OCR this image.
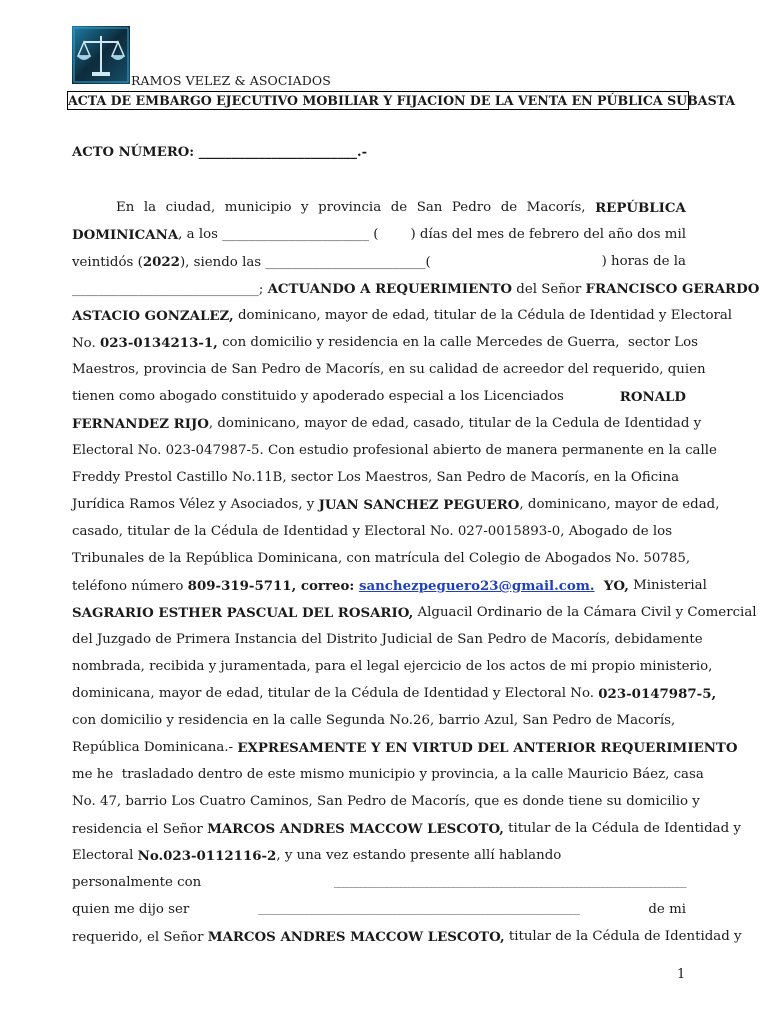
RAMOS VELEZ & ASOCIADOS
ACTA DE EMBARGO EJECUTIVO MOBILIAR Y FIJACION DE LA VENTA EN PÚBLICA SUBASTA
ACTO NÚMERO: ________________________.-
En la ciudad, municipio y provincia de San Pedro de Macorís, REPÚBLICA
DOMINICANA , a los ______________________ ( ) días del mes de febrero del año dos mil
veintidós (2022), siendo las ________________________(	) horas de la
____________________________; ACTUANDO A REQUERIMIENTO del Señor FRANCISCO GERARDO
ASTACIO GONZALEZ, dominicano, mayor de edad, titular de la Cédula de Identidad y Electoral
No. 023-0134213-1, con domicilio y residencia en la calle Mercedes de Guerra,  sector Los
Maestros, provincia de San Pedro de Macorís, en su calidad de acreedor del requerido, quien
tienen como abogado constituido y apoderado especial a los Licenciados	RONALD
FERNANDEZ RIJO , dominicano, mayor de edad, casado, titular de la Cedula de Identidad y
Electoral No. 023-047987-5. Con estudio profesional abierto de manera permanente en la calle
Freddy Prestol Castillo No.11B, sector Los Maestros, San Pedro de Macorís, en la Oficina
Jurídica Ramos Vélez y Asociados, y JUAN SANCHEZ PEGUERO , dominicano, mayor de edad,
casado, titular de la Cédula de Identidad y Electoral No. 027-0015893-0, Abogado de los
Tribunales de la República Dominicana, con matrícula del Colegio de Abogados No. 50785,
teléfono número 809-319-5711, correo: sanchezpeguero23@gmail.com.  YO, Ministerial
SAGRARIO ESTHER PASCUAL DEL ROSARIO, Alguacil Ordinario de la Cámara Civil y Comercial
del Juzgado de Primera Instancia del Distrito Judicial de San Pedro de Macorís, debidamente
nombrada, recibida y juramentada, para el legal ejercicio de los actos de mi propio ministerio,
dominicana, mayor de edad, titular de la Cédula de Identidad y Electoral No. 023-0147987-5,
con domicilio y residencia en la calle Segunda No.26, barrio Azul, San Pedro de Macorís,
República Dominicana.- EXPRESAMENTE Y EN VIRTUD DEL ANTERIOR REQUERIMIENTO
me he  trasladado dentro de este mismo municipio y provincia, a la calle Mauricio Báez, casa
No. 47, barrio Los Cuatro Caminos, San Pedro de Macorís, que es donde tiene su domicilio y
residencia el Señor MARCOS ANDRES MACCOW LESCOTO, titular de la Cédula de Identidad y
Electoral No.023-0112116-2 , y una vez estando presente allí hablando
personalmente con	________________________________________________________________________________
quien me dijo ser	_________________________________________________________________________	de mi
requerido, el Señor MARCOS ANDRES MACCOW LESCOTO, titular de la Cédula de Identidad y
1
